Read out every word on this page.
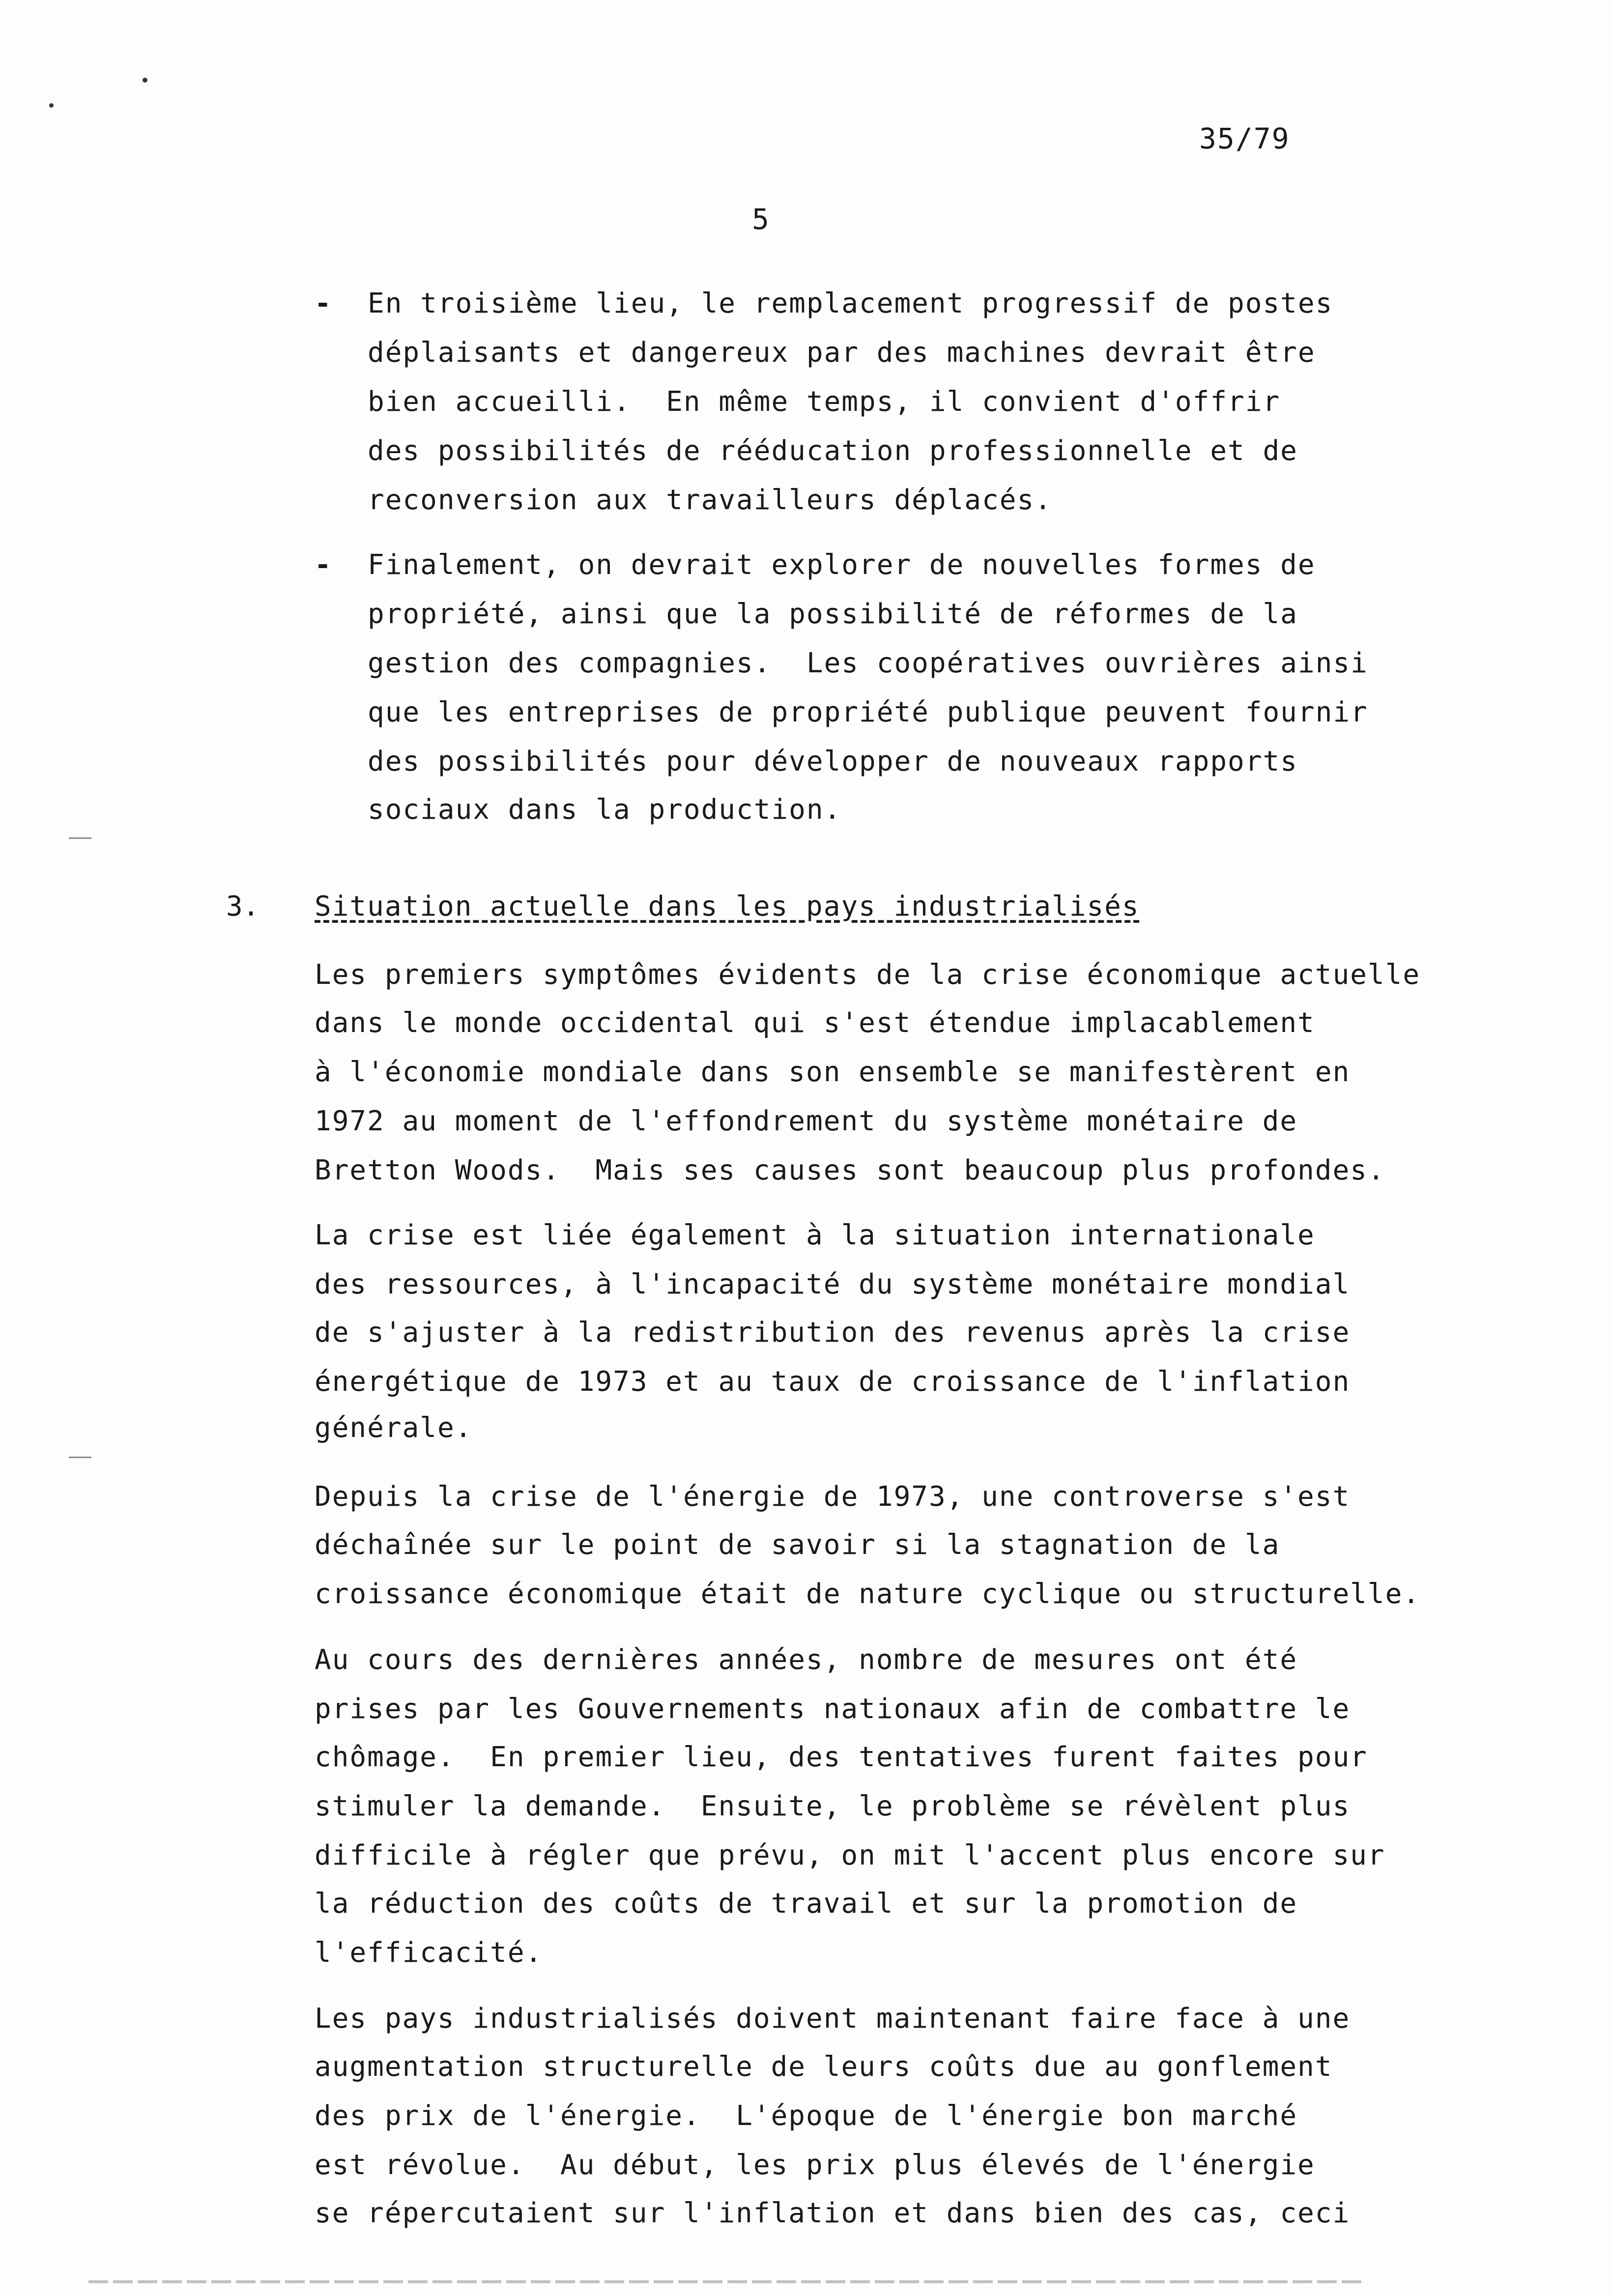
35/79
5
- En troisième lieu, le remplacement progressif de postes
déplaisants et dangereux par des machines devrait être
bien accueilli.  En même temps, il convient d'offrir
des possibilités de rééducation professionnelle et de
reconversion aux travailleurs déplacés.
- Finalement, on devrait explorer de nouvelles formes de
propriété, ainsi que la possibilité de réformes de la
gestion des compagnies.  Les coopératives ouvrières ainsi
que les entreprises de propriété publique peuvent fournir
des possibilités pour développer de nouveaux rapports
sociaux dans la production.
3. Situation actuelle dans les pays industrialisés
Les premiers symptômes évidents de la crise économique actuelle
dans le monde occidental qui s'est étendue implacablement
à l'économie mondiale dans son ensemble se manifestèrent en
1972 au moment de l'effondrement du système monétaire de
Bretton Woods.  Mais ses causes sont beaucoup plus profondes.
La crise est liée également à la situation internationale
des ressources, à l'incapacité du système monétaire mondial
de s'ajuster à la redistribution des revenus après la crise
énergétique de 1973 et au taux de croissance de l'inflation
générale.
Depuis la crise de l'énergie de 1973, une controverse s'est
déchaînée sur le point de savoir si la stagnation de la
croissance économique était de nature cyclique ou structurelle.
Au cours des dernières années, nombre de mesures ont été
prises par les Gouvernements nationaux afin de combattre le
chômage.  En premier lieu, des tentatives furent faites pour
stimuler la demande.  Ensuite, le problème se révèlent plus
difficile à régler que prévu, on mit l'accent plus encore sur
la réduction des coûts de travail et sur la promotion de
l'efficacité.
Les pays industrialisés doivent maintenant faire face à une
augmentation structurelle de leurs coûts due au gonflement
des prix de l'énergie.  L'époque de l'énergie bon marché
est révolue.  Au début, les prix plus élevés de l'énergie
se répercutaient sur l'inflation et dans bien des cas, ceci
